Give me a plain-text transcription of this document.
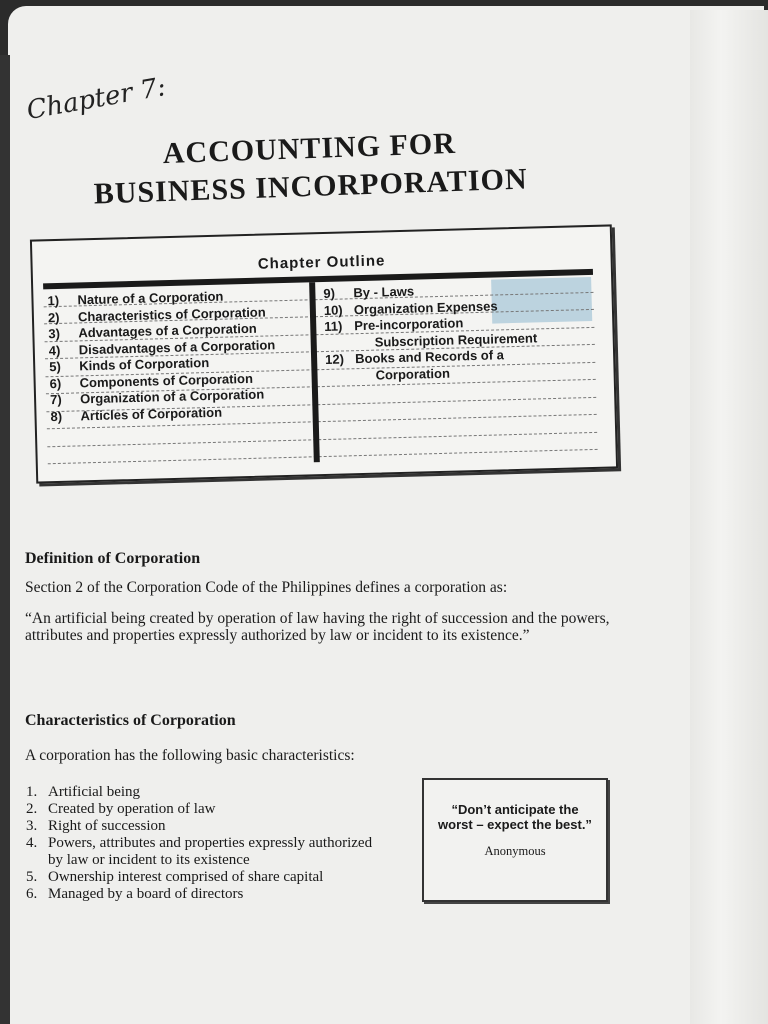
Chapter 7:
ACCOUNTING FOR
BUSINESS INCORPORATION
Chapter Outline
1)	Nature of a Corporation
2)	Characteristics of Corporation
3)	Advantages of a Corporation
4)	Disadvantages of a Corporation
5)	Kinds of Corporation
6)	Components of Corporation
7)	Organization of a Corporation
8)	Articles of Corporation
9)	By - Laws
10) Organization Expenses
11) Pre-incorporation
Subscription Requirement
12) Books and Records of a
Corporation
Definition of Corporation
Section 2 of the Corporation Code of the Philippines defines a corporation as:
“An artificial being created by operation of law having the right of succession and the powers, attributes and properties expressly authorized by law or incident to its existence.”
Characteristics of Corporation
A corporation has the following basic characteristics:
1. Artificial being
2. Created by operation of law
3. Right of succession
4. Powers, attributes and properties expressly authorized by law or incident to its existence
5. Ownership interest comprised of share capital
6. Managed by a board of directors
“Don’t anticipate the worst – expect the best.”
Anonymous
